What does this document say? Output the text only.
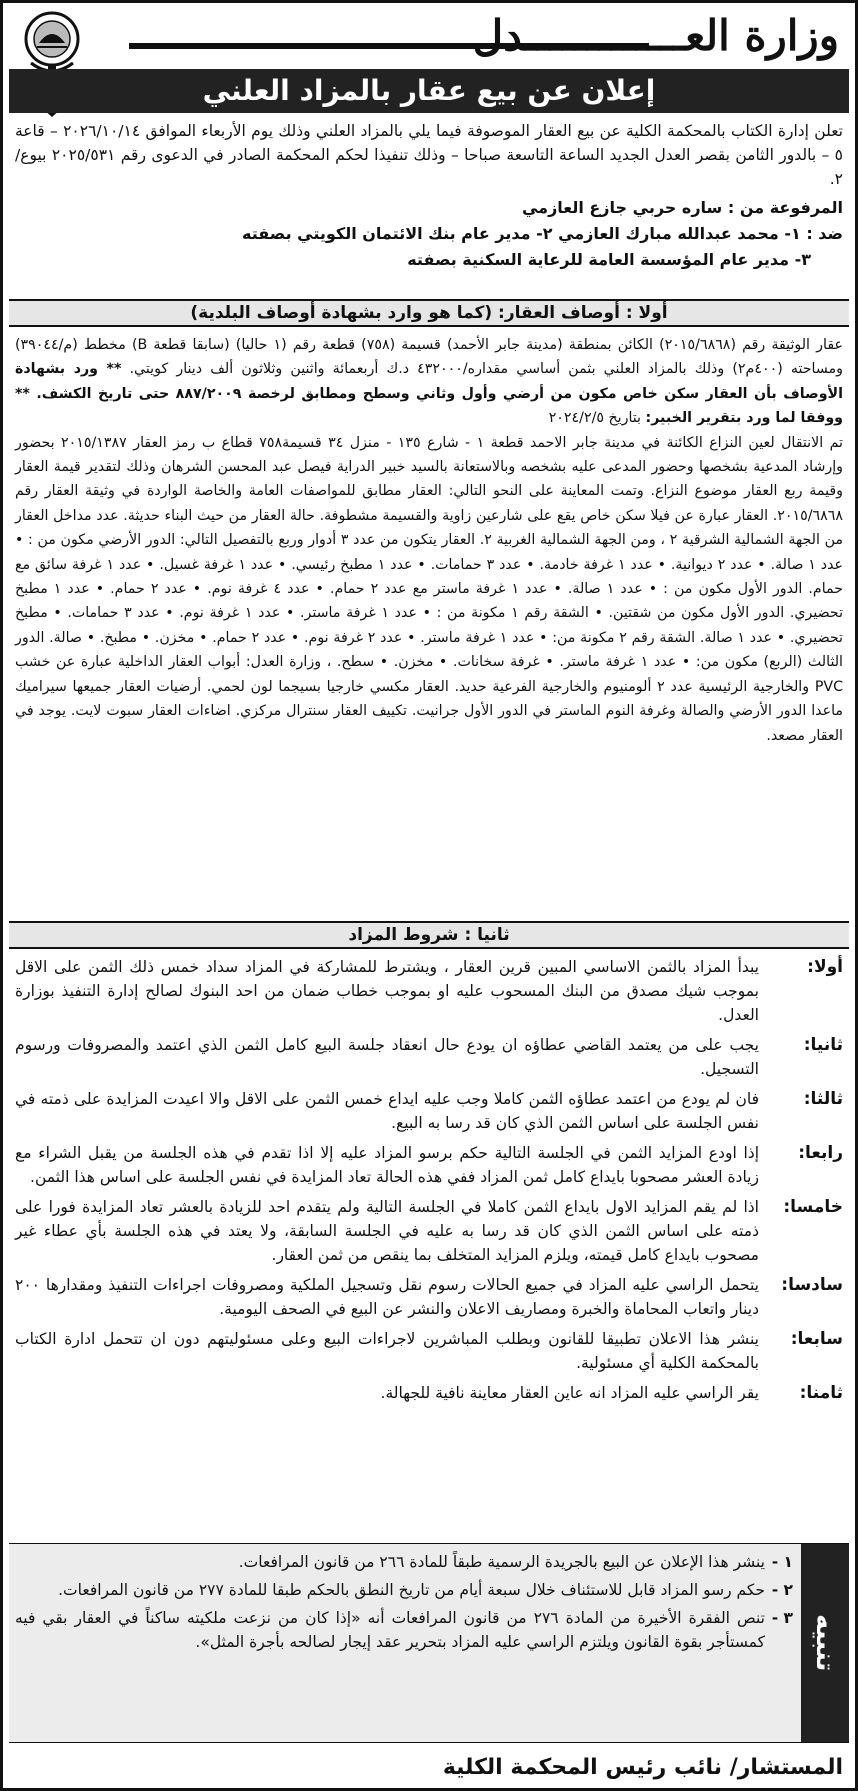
وزارة العـــــــــــــدل
إعلان عن بيع عقار بالمزاد العلني

تعلن إدارة الكتاب بالمحكمة الكلية عن بيع العقار الموصوفة فيما يلي بالمزاد العلني وذلك يوم الأربعاء الموافق ٢٠٢٦/١٠/١٤ – قاعة ٥ – بالدور الثامن بقصر العدل الجديد الساعة التاسعة صباحا – وذلك تنفيذا لحكم المحكمة الصادر في الدعوى رقم ٢٠٢٥/٥٣١ بيوع/٢.

المرفوعة من : ساره حربي جازع العازمي
ضد : ١- محمد عبدالله مبارك العازمي ٢- مدير عام بنك الائتمان الكويتي بصفته
٣- مدير عام المؤسسة العامة للرعاية السكنية بصفته
أولا : أوصاف العقار: (كما هو وارد بشهادة أوصاف البلدية)
عقار الوثيقة رقم (٢٠١٥/٦٨٦٨) الكائن بمنطقة (مدينة جابر الأحمد) قسيمة (٧٥٨) قطعة رقم (١ حاليا) (سابقا قطعة B) مخطط (م/٣٩٠٤٤) ومساحته (٤٠٠م٢) وذلك بالمزاد العلني بثمن أساسي مقداره/٤٣٢٠٠٠ د.ك أربعمائة واثنين وثلاثون ألف دينار كويتي. ** ورد بشهادة الأوصاف بأن العقار سكن خاص مكون من أرضي وأول وثاني وسطح ومطابق لرخصة ٨٨٧/٢٠٠٩ حتى تاريخ الكشف. ** ووفقا لما ورد بتقرير الخبير: بتاريخ ٢٠٢٤/٢/٥
تم الانتقال لعين النزاع الكائنة في مدينة جابر الاحمد قطعة ١ - شارع ١٣٥ - منزل ٣٤ قسيمة٧٥٨ قطاع ب رمز العقار ٢٠١٥/١٣٨٧ بحضور وإرشاد المدعية بشخصها وحضور المدعى عليه بشخصه وبالاستعانة بالسيد خبير الدراية فيصل عبد المحسن الشرهان وذلك لتقدير قيمة العقار وقيمة ربع العقار موضوع النزاع. وتمت المعاينة على النحو التالي: العقار مطابق للمواصفات العامة والخاصة الواردة في وثيقة العقار رقم ٢٠١٥/٦٨٦٨. العقار عبارة عن فيلا سكن خاص يقع على شارعين زاوية والقسيمة مشطوفة. حالة العقار من حيث البناء حديثة. عدد مداخل العقار من الجهة الشمالية الشرقية ٢ ، ومن الجهة الشمالية الغربية ٢. العقار يتكون من عدد ٣ أدوار وربع بالتفصيل التالي: الدور الأرضي مكون من : • عدد ١ صالة. • عدد ٢ ديوانية. • عدد ١ غرفة خادمة. • عدد ٣ حمامات. • عدد ١ مطبخ رئيسي. • عدد ١ غرفة غسيل. • عدد ١ غرفة سائق مع حمام. الدور الأول مكون من : • عدد ١ صالة. • عدد ١ غرفة ماستر مع عدد ٢ حمام. • عدد ٤ غرفة نوم. • عدد ٢ حمام. • عدد ١ مطبخ تحضيري. الدور الأول مكون من شقتين. • الشقة رقم ١ مكونة من : • عدد ١ غرفة ماستر. • عدد ١ غرفة نوم. • عدد ٣ حمامات. • مطبخ تحضيري. • عدد ١ صالة. الشقة رقم ٢ مكونة من: • عدد ١ غرفة ماستر. • عدد ٢ غرفة نوم. • عدد ٢ حمام. • مخزن. • مطبخ. • صالة. الدور الثالث (الربع) مكون من: • عدد ١ غرفة ماستر. • غرفة سخانات. • مخزن. • سطح. ، وزارة العدل: أبواب العقار الداخلية عبارة عن خشب PVC والخارجية الرئيسية عدد ٢ ألومنيوم والخارجية الفرعية حديد. العقار مكسي خارجيا بسيجما لون لحمي. أرضيات العقار جميعها سيراميك ماعدا الدور الأرضي والصالة وغرفة النوم الماستر في الدور الأول جرانيت. تكييف العقار سنترال مركزي. اضاءات العقار سبوت لايت. يوجد في العقار مصعد.
ثانيا : شروط المزاد
أولا:
يبدأ المزاد بالثمن الاساسي المبين قرين العقار ، ويشترط للمشاركة في المزاد سداد خمس ذلك الثمن على الاقل بموجب شيك مصدق من البنك المسحوب عليه او بموجب خطاب ضمان من احد البنوك لصالح إدارة التنفيذ بوزارة العدل.
ثانيا:
يجب على من يعتمد القاضي عطاؤه ان يودع حال انعقاد جلسة البيع كامل الثمن الذي اعتمد والمصروفات ورسوم التسجيل.
ثالثا:
فان لم يودع من اعتمد عطاؤه الثمن كاملا وجب عليه ايداع خمس الثمن على الاقل والا اعيدت المزايدة على ذمته في نفس الجلسة على اساس الثمن الذي كان قد رسا به البيع.
رابعا:
إذا اودع المزايد الثمن في الجلسة التالية حكم برسو المزاد عليه إلا اذا تقدم في هذه الجلسة من يقبل الشراء مع زيادة العشر مصحوبا بايداع كامل ثمن المزاد ففي هذه الحالة تعاد المزايدة في نفس الجلسة على اساس هذا الثمن.
خامسا:
اذا لم يقم المزايد الاول بايداع الثمن كاملا في الجلسة التالية ولم يتقدم احد للزيادة بالعشر تعاد المزايدة فورا على ذمته على اساس الثمن الذي كان قد رسا به عليه في الجلسة السابقة، ولا يعتد في هذه الجلسة بأي عطاء غير مصحوب بايداع كامل قيمته، ويلزم المزايد المتخلف بما ينقص من ثمن العقار.
سادسا:
يتحمل الراسي عليه المزاد في جميع الحالات رسوم نقل وتسجيل الملكية ومصروفات اجراءات التنفيذ ومقدارها ٢٠٠ دينار واتعاب المحاماة والخبرة ومصاريف الاعلان والنشر عن البيع في الصحف اليومية.
سابعا:
ينشر هذا الاعلان تطبيقا للقانون وبطلب المباشرين لاجراءات البيع وعلى مسئوليتهم دون ان تتحمل ادارة الكتاب بالمحكمة الكلية أي مسئولية.
ثامنا:
يقر الراسي عليه المزاد انه عاين العقار معاينة نافية للجهالة.
تنبيه
١ -
ينشر هذا الإعلان عن البيع بالجريدة الرسمية طبقاً للمادة ٢٦٦ من قانون المرافعات.
٢ -
حكم رسو المزاد قابل للاستئناف خلال سبعة أيام من تاريخ النطق بالحكم طبقا للمادة ٢٧٧ من قانون المرافعات.
٣ -
تنص الفقرة الأخيرة من المادة ٢٧٦ من قانون المرافعات أنه «إذا كان من نزعت ملكيته ساكناً في العقار بقي فيه كمستأجر بقوة القانون ويلتزم الراسي عليه المزاد بتحرير عقد إيجار لصالحه بأجرة المثل».
المستشار/ نائب رئيس المحكمة الكلية
